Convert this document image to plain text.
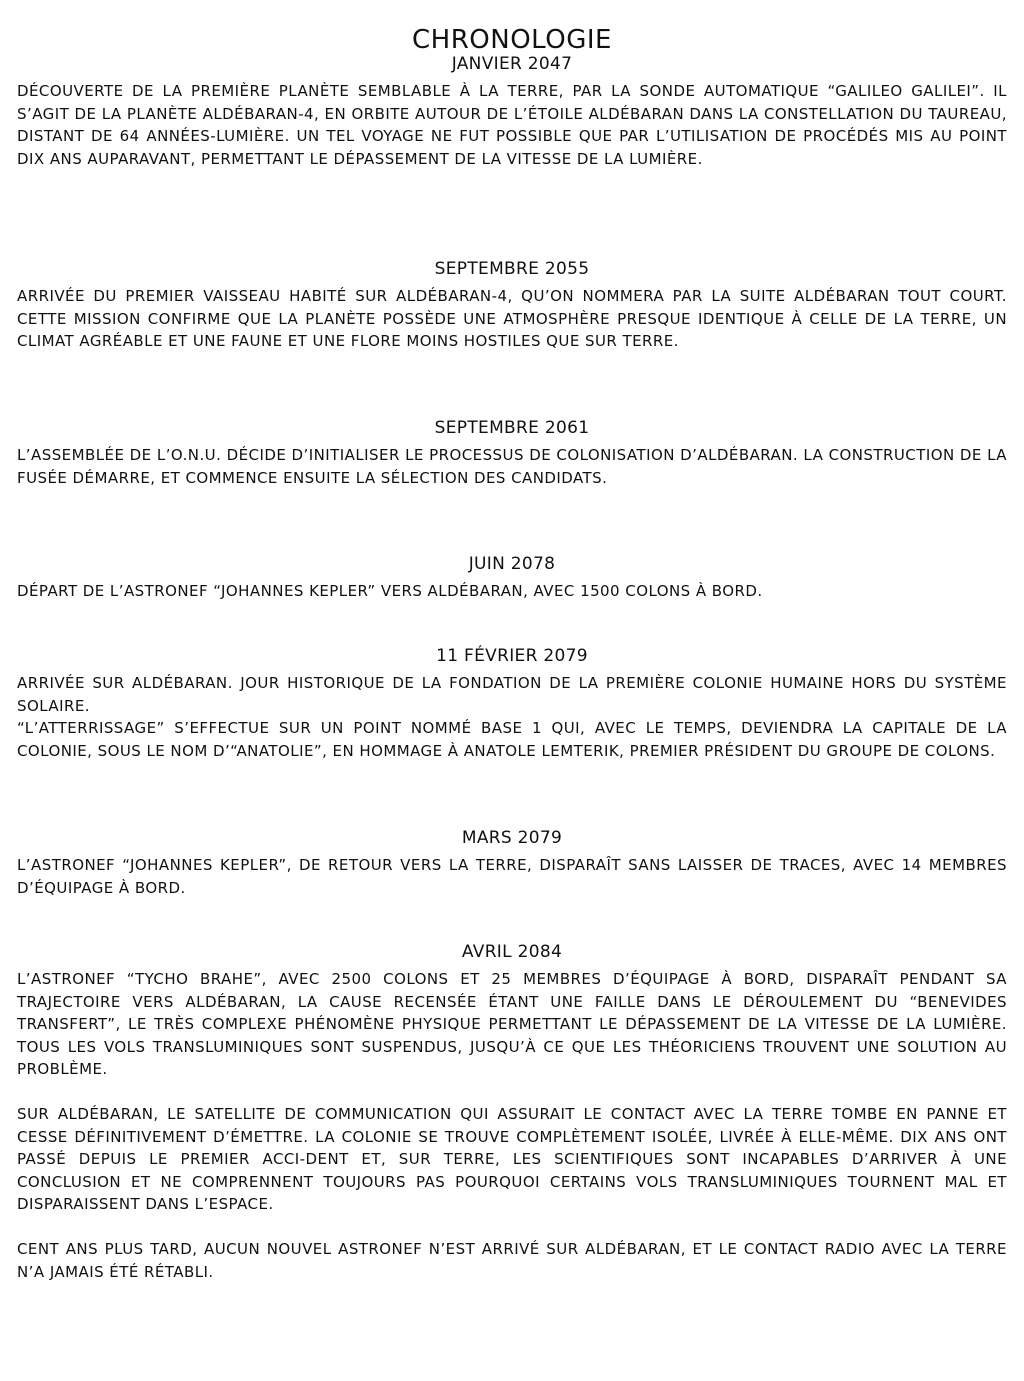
CHRONOLOGIE
JANVIER 2047

DÉCOUVERTE DE LA PREMIÈRE PLANÈTE SEMBLABLE À LA TERRE, PAR LA SONDE AUTOMATIQUE “GALILEO GALILEI”. IL S’AGIT DE LA PLANÈTE ALDÉBARAN-4, EN ORBITE AUTOUR DE L’ÉTOILE ALDÉBARAN DANS LA CONSTELLATION DU TAUREAU, DISTANT DE 64 ANNÉES-LUMIÈRE. UN TEL VOYAGE NE FUT POSSIBLE QUE PAR L’UTILISATION DE PROCÉDÉS MIS AU POINT DIX ANS AUPARAVANT, PERMETTANT LE DÉPASSEMENT DE LA VITESSE DE LA LUMIÈRE.

SEPTEMBRE 2055

ARRIVÉE DU PREMIER VAISSEAU HABITÉ SUR ALDÉBARAN-4, QU’ON NOMMERA PAR LA SUITE ALDÉBARAN TOUT COURT. CETTE MISSION CONFIRME QUE LA PLANÈTE POSSÈDE UNE ATMOSPHÈRE PRESQUE IDENTIQUE À CELLE DE LA TERRE, UN CLIMAT AGRÉABLE ET UNE FAUNE ET UNE FLORE MOINS HOSTILES QUE SUR TERRE.

SEPTEMBRE 2061

L’ASSEMBLÉE DE L’O.N.U. DÉCIDE D’INITIALISER LE PROCESSUS DE COLONISATION D’ALDÉBARAN. LA CONSTRUCTION DE LA FUSÉE DÉMARRE, ET COMMENCE ENSUITE LA SÉLECTION DES CANDIDATS.

JUIN 2078

DÉPART DE L’ASTRONEF “JOHANNES KEPLER” VERS ALDÉBARAN, AVEC 1500 COLONS À BORD.

11 FÉVRIER 2079

ARRIVÉE SUR ALDÉBARAN. JOUR HISTORIQUE DE LA FONDATION DE LA PREMIÈRE COLONIE HUMAINE HORS DU SYSTÈME SOLAIRE.
“L’ATTERRISSAGE” S’EFFECTUE SUR UN POINT NOMMÉ BASE 1 QUI, AVEC LE TEMPS, DEVIENDRA LA CAPITALE DE LA COLONIE, SOUS LE NOM D’“ANATOLIE”, EN HOMMAGE À ANATOLE LEMTERIK, PREMIER PRÉSIDENT DU GROUPE DE COLONS.

MARS 2079

L’ASTRONEF “JOHANNES KEPLER”, DE RETOUR VERS LA TERRE, DISPARAÎT SANS LAISSER DE TRACES, AVEC 14 MEMBRES D’ÉQUIPAGE À BORD.

AVRIL 2084

L’ASTRONEF “TYCHO BRAHE”, AVEC 2500 COLONS ET 25 MEMBRES D’ÉQUIPAGE À BORD, DISPARAÎT PENDANT SA TRAJECTOIRE VERS ALDÉBARAN, LA CAUSE RECENSÉE ÉTANT UNE FAILLE DANS LE DÉROULEMENT DU “BENEVIDES TRANSFERT”, LE TRÈS COMPLEXE PHÉNOMÈNE PHYSIQUE PERMETTANT LE DÉPASSEMENT DE LA VITESSE DE LA LUMIÈRE. TOUS LES VOLS TRANSLUMINIQUES SONT SUSPENDUS, JUSQU’À CE QUE LES THÉORICIENS TROUVENT UNE SOLUTION AU PROBLÈME.

SUR ALDÉBARAN, LE SATELLITE DE COMMUNICATION QUI ASSURAIT LE CONTACT AVEC LA TERRE TOMBE EN PANNE ET CESSE DÉFINITIVEMENT D’ÉMETTRE. LA COLONIE SE TROUVE COMPLÈTEMENT ISOLÉE, LIVRÉE À ELLE-MÊME. DIX ANS ONT PASSÉ DEPUIS LE PREMIER ACCI-DENT ET, SUR TERRE, LES SCIENTIFIQUES SONT INCAPABLES D’ARRIVER À UNE CONCLUSION ET NE COMPRENNENT TOUJOURS PAS POURQUOI CERTAINS VOLS TRANSLUMINIQUES TOURNENT MAL ET DISPARAISSENT DANS L’ESPACE.

CENT ANS PLUS TARD, AUCUN NOUVEL ASTRONEF N’EST ARRIVÉ SUR ALDÉBARAN, ET LE CONTACT RADIO AVEC LA TERRE N’A JAMAIS ÉTÉ RÉTABLI.
